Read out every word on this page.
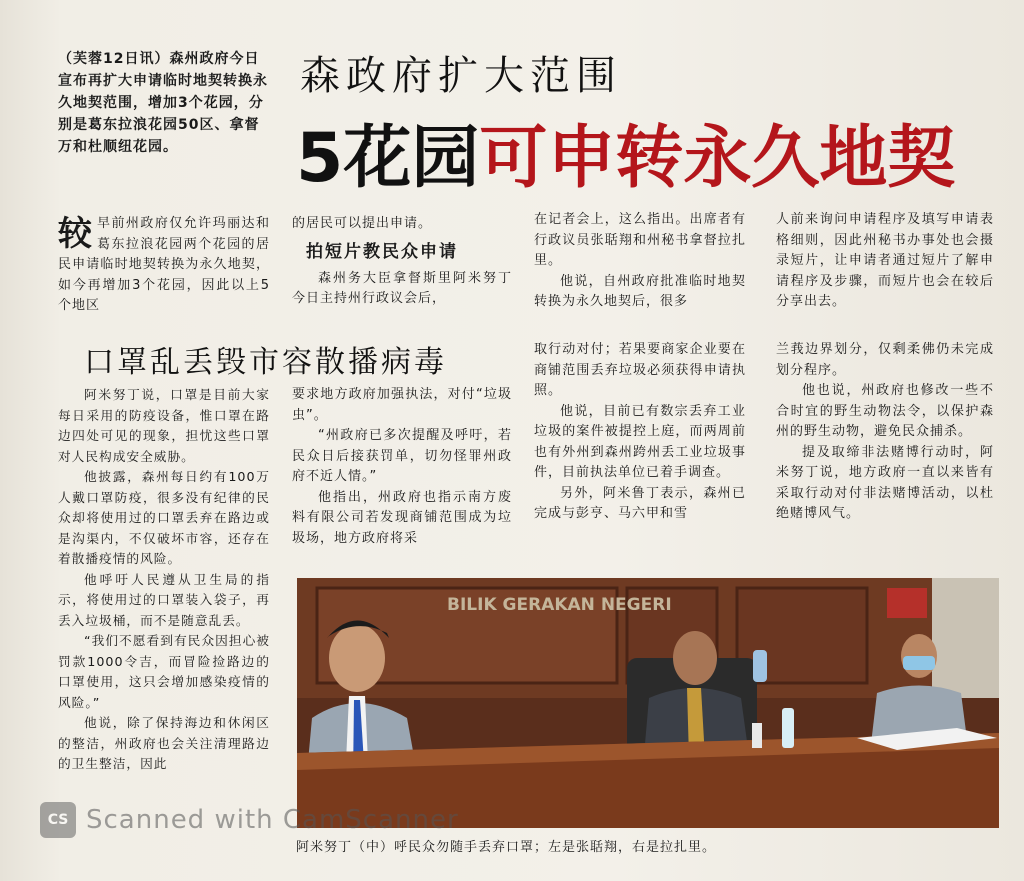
（芙蓉12日讯）森州政府今日宣布再扩大申请临时地契转换永久地契范围，增加3个花园，分别是葛东拉浪花园50区、拿督万和杜顺纽花园。
森政府扩大范围
5花园可申转永久地契
较 早前州政府仅允许玛丽达和葛东拉浪花园两个花园的居民申请临时地契转换为永久地契，如今再增加3个花园，因此以上5个地区

的居民可以提出申请。

拍短片教民众申请

森州务大臣拿督斯里阿米努丁今日主持州行政议会后，

在记者会上，这么指出。出席者有行政议员张聒翔和州秘书拿督拉扎里。

他说，自州政府批准临时地契转换为永久地契后，很多

人前来询问申请程序及填写申请表格细则，因此州秘书办事处也会摄录短片，让申请者通过短片了解申请程序及步骤，而短片也会在较后分享出去。

口罩乱丢毁市容散播病毒

阿米努丁说，口罩是目前大家每日采用的防疫设备，惟口罩在路边四处可见的现象，担忧这些口罩对人民构成安全威胁。

他披露，森州每日约有100万人戴口罩防疫，很多没有纪律的民众却将使用过的口罩丢弃在路边或是沟渠内，不仅破坏市容，还存在着散播疫情的风险。

他呼吁人民遵从卫生局的指示，将使用过的口罩装入袋子，再丢入垃圾桶，而不是随意乱丢。

“我们不愿看到有民众因担心被罚款1000令吉，而冒险捡路边的口罩使用，这只会增加感染疫情的风险。”

他说，除了保持海边和休闲区的整洁，州政府也会关注清理路边的卫生整洁，因此

要求地方政府加强执法，对付“垃圾虫”。

“州政府已多次提醒及呼吁，若民众日后接获罚单，切勿怪罪州政府不近人情。”

他指出，州政府也指示南方废料有限公司若发现商铺范围成为垃圾场，地方政府将采

取行动对付；若果要商家企业要在商铺范围丢弃垃圾必须获得申请执照。

他说，目前已有数宗丢弃工业垃圾的案件被提控上庭，而两周前也有外州到森州跨州丢工业垃圾事件，目前执法单位已着手调查。

另外，阿米鲁丁表示，森州已完成与彭亨、马六甲和雪

兰莪边界划分，仅剩柔佛仍未完成划分程序。

他也说，州政府也修改一些不合时宜的野生动物法令，以保护森州的野生动物，避免民众捕杀。

提及取缔非法赌博行动时，阿米努丁说，地方政府一直以来皆有采取行动对付非法赌博活动，以杜绝赌博风气。

BILIK GERAKAN NEGERI
阿米努丁（中）呼民众勿随手丢弃口罩；左是张聒翔，右是拉扎里。
CS Scanned with CamScanner
